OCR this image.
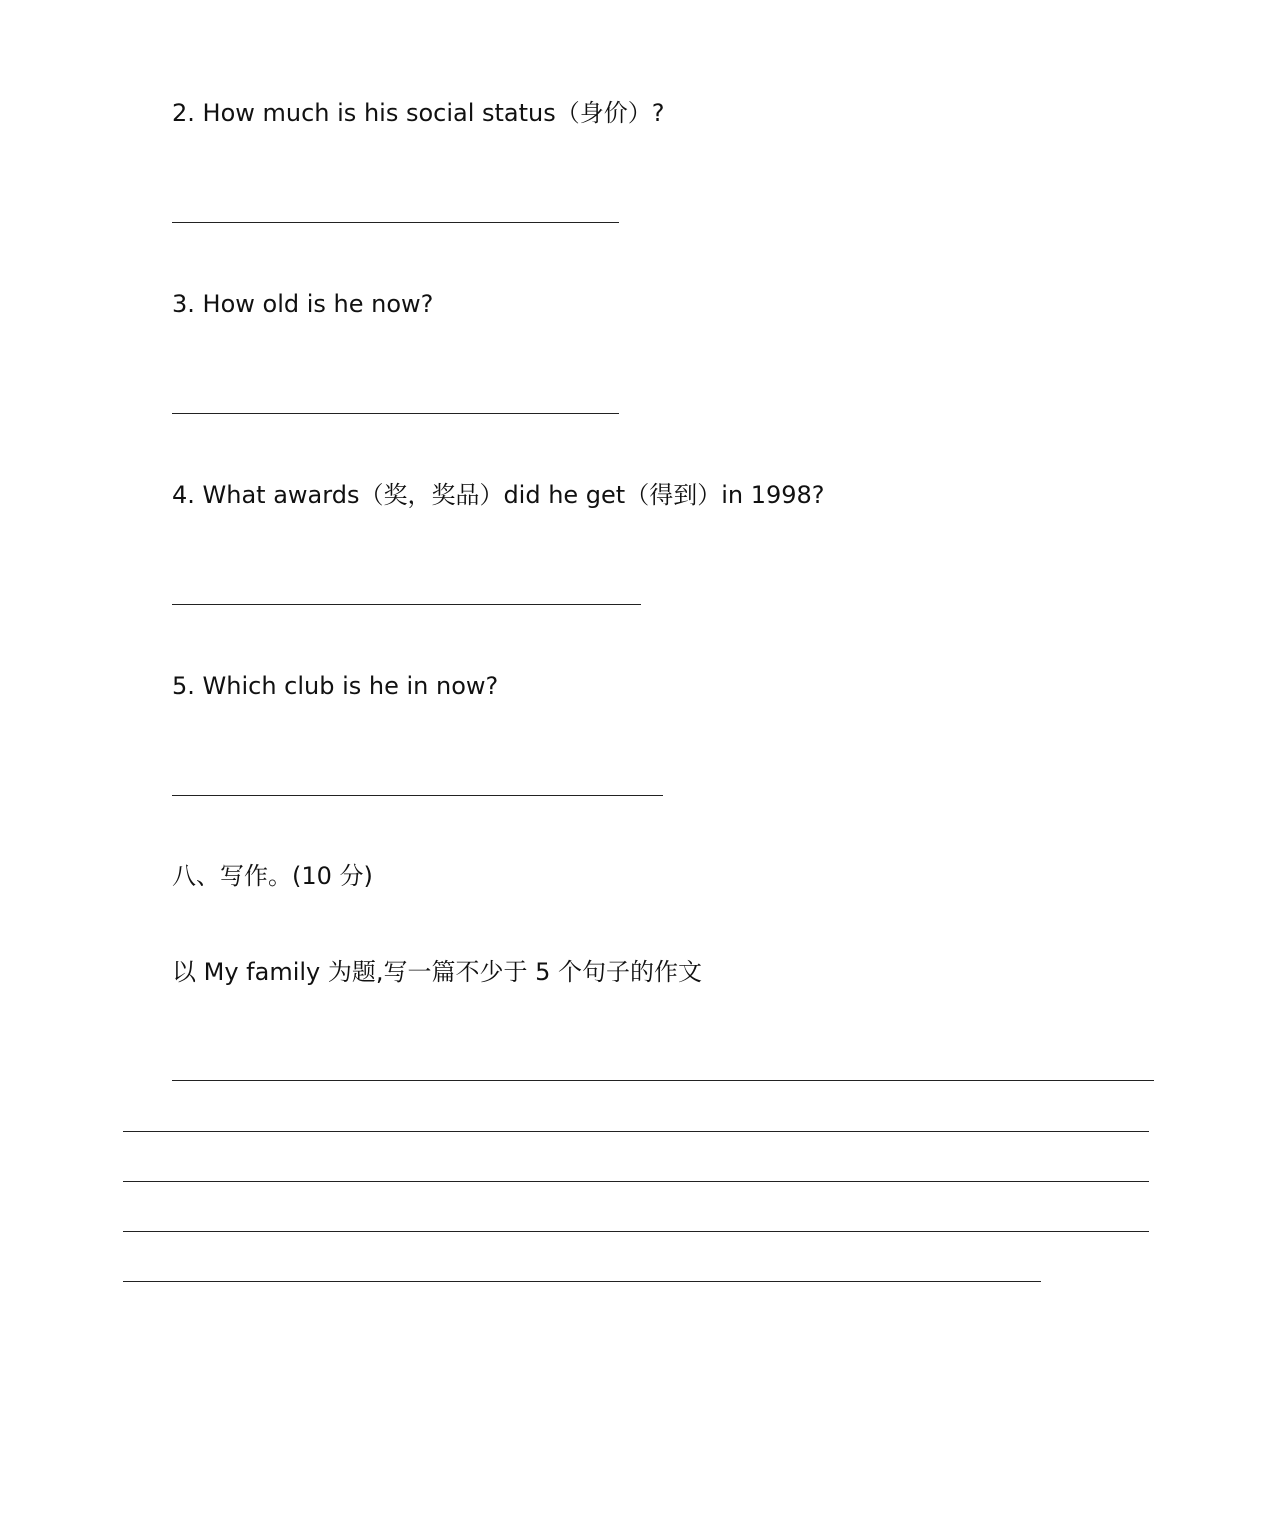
2. How much is his social status（身价）?
3. How old is he now?
4. What awards（奖，奖品）did he get（得到）in 1998?
5. Which club is he in now?
八、写作。(10 分)
以 My family 为题,写一篇不少于 5 个句子的作文
